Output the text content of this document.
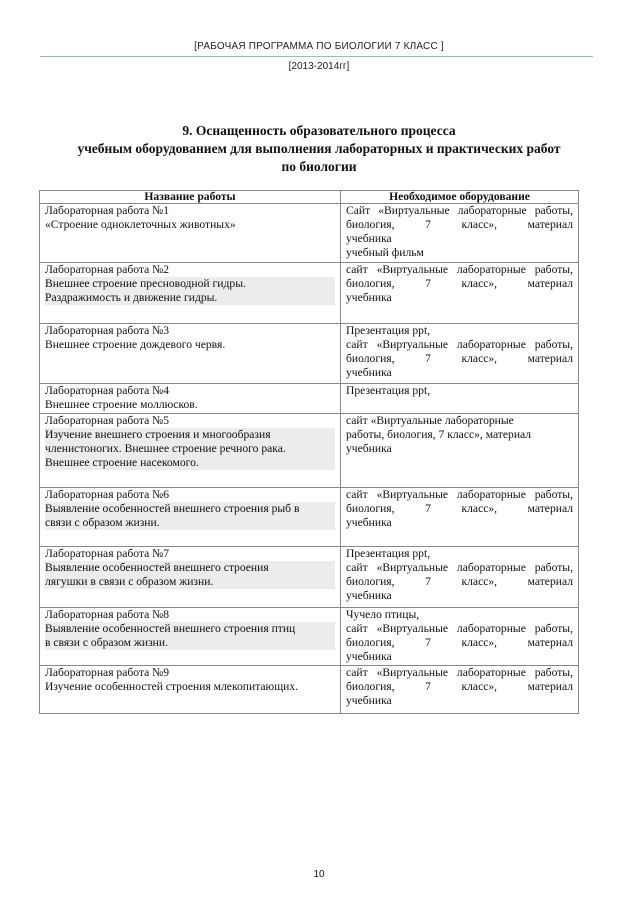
[РАБОЧАЯ ПРОГРАММА ПО БИОЛОГИИ 7 КЛАСС ]
[2013-2014гг]
9. Оснащенность образовательного процесса
учебным оборудованием для выполнения лабораторных и практических работ
по биологии
Название работы	Необходимое оборудование

Лабораторная работа №1
«Строение одноклеточных животных»	Сайт «Виртуальные лабораторные работы, биология, 7 класс», материал
учебника
учебный фильм

Лабораторная работа №2
Внешнее строение пресноводной гидры.
Раздражимость и движение гидры.	сайт «Виртуальные лабораторные работы, биология, 7 класс», материал
учебника

Лабораторная работа №3
Внешнее строение дождевого червя.	Презентация ppt,
сайт «Виртуальные лабораторные работы, биология, 7 класс», материал
учебника

Лабораторная работа №4
Внешнее строение моллюсков.	Презентация ppt,

Лабораторная работа №5
Изучение внешнего строения и многообразия
членистоногих. Внешнее строение речного рака.
Внешнее строение насекомого.	сайт «Виртуальные лабораторные
работы, биология, 7 класс», материал
учебника

Лабораторная работа №6
Выявление особенностей внешнего строения рыб в
связи с образом жизни.	сайт «Виртуальные лабораторные работы, биология, 7 класс», материал
учебника

Лабораторная работа №7
Выявление особенностей внешнего строения
лягушки в связи с образом жизни.	Презентация ppt,
сайт «Виртуальные лабораторные работы, биология, 7 класс», материал
учебника

Лабораторная работа №8
Выявление особенностей внешнего строения птиц
в связи с образом жизни.	Чучело птицы,
сайт «Виртуальные лабораторные работы, биология, 7 класс», материал
учебника

Лабораторная работа №9
Изучение особенностей строения млекопитающих.	сайт «Виртуальные лабораторные работы, биология, 7 класс», материал
учебника
10
